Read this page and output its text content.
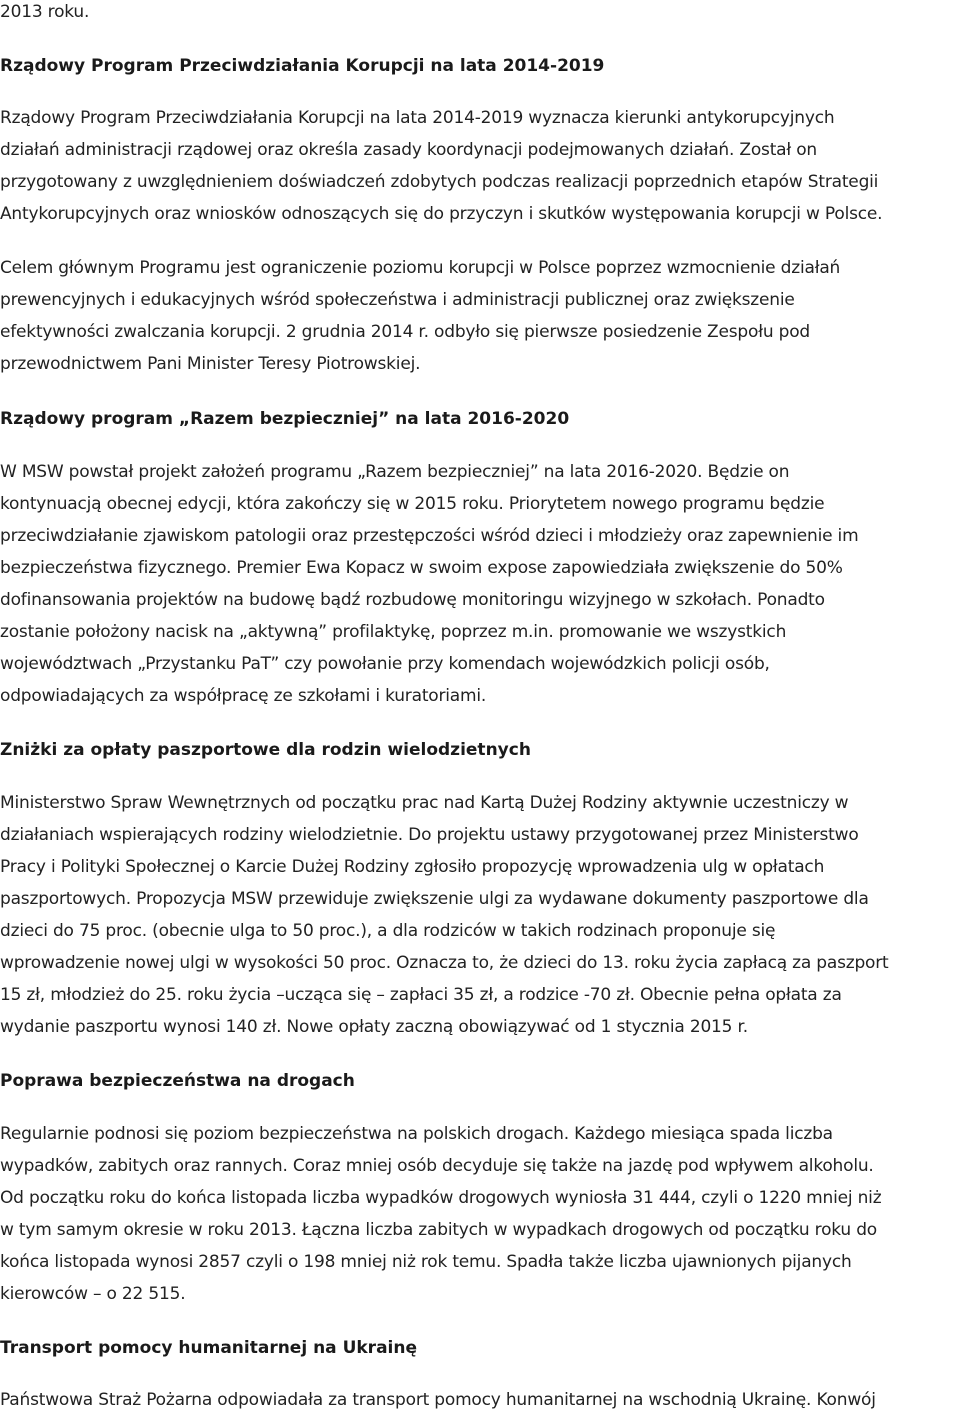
2013 roku.
Rządowy Program Przeciwdziałania Korupcji na lata 2014-2019
Rządowy Program Przeciwdziałania Korupcji na lata 2014-2019 wyznacza kierunki antykorupcyjnych
działań administracji rządowej oraz określa zasady koordynacji podejmowanych działań. Został on
przygotowany z uwzględnieniem doświadczeń zdobytych podczas realizacji poprzednich etapów Strategii
Antykorupcyjnych oraz wniosków odnoszących się do przyczyn i skutków występowania korupcji w Polsce.
Celem głównym Programu jest ograniczenie poziomu korupcji w Polsce poprzez wzmocnienie działań
prewencyjnych i edukacyjnych wśród społeczeństwa i administracji publicznej oraz zwiększenie
efektywności zwalczania korupcji. 2 grudnia 2014 r. odbyło się pierwsze posiedzenie Zespołu pod
przewodnictwem Pani Minister Teresy Piotrowskiej.
Rządowy program „Razem bezpieczniej” na lata 2016-2020
W MSW powstał projekt założeń programu „Razem bezpieczniej” na lata 2016-2020. Będzie on
kontynuacją obecnej edycji, która zakończy się w 2015 roku. Priorytetem nowego programu będzie
przeciwdziałanie zjawiskom patologii oraz przestępczości wśród dzieci i młodzieży oraz zapewnienie im
bezpieczeństwa fizycznego. Premier Ewa Kopacz w swoim expose zapowiedziała zwiększenie do 50%
dofinansowania projektów na budowę bądź rozbudowę monitoringu wizyjnego w szkołach. Ponadto
zostanie położony nacisk na „aktywną” profilaktykę, poprzez m.in. promowanie we wszystkich
województwach „Przystanku PaT” czy powołanie przy komendach wojewódzkich policji osób,
odpowiadających za współpracę ze szkołami i kuratoriami.
Zniżki za opłaty paszportowe dla rodzin wielodzietnych
Ministerstwo Spraw Wewnętrznych od początku prac nad Kartą Dużej Rodziny aktywnie uczestniczy w
działaniach wspierających rodziny wielodzietnie. Do projektu ustawy przygotowanej przez Ministerstwo
Pracy i Polityki Społecznej o Karcie Dużej Rodziny zgłosiło propozycję wprowadzenia ulg w opłatach
paszportowych. Propozycja MSW przewiduje zwiększenie ulgi za wydawane dokumenty paszportowe dla
dzieci do 75 proc. (obecnie ulga to 50 proc.), a dla rodziców w takich rodzinach proponuje się
wprowadzenie nowej ulgi w wysokości 50 proc. Oznacza to, że dzieci do 13. roku życia zapłacą za paszport
15 zł, młodzież do 25. roku życia –ucząca się – zapłaci 35 zł, a rodzice -70 zł. Obecnie pełna opłata za
wydanie paszportu wynosi 140 zł. Nowe opłaty zaczną obowiązywać od 1 stycznia 2015 r.
Poprawa bezpieczeństwa na drogach
Regularnie podnosi się poziom bezpieczeństwa na polskich drogach. Każdego miesiąca spada liczba
wypadków, zabitych oraz rannych. Coraz mniej osób decyduje się także na jazdę pod wpływem alkoholu.
Od początku roku do końca listopada liczba wypadków drogowych wyniosła 31 444, czyli o 1220 mniej niż
w tym samym okresie w roku 2013. Łączna liczba zabitych w wypadkach drogowych od początku roku do
końca listopada wynosi 2857 czyli o 198 mniej niż rok temu. Spadła także liczba ujawnionych pijanych
kierowców – o 22 515.
Transport pomocy humanitarnej na Ukrainę
Państwowa Straż Pożarna odpowiadała za transport pomocy humanitarnej na wschodnią Ukrainę. Konwój
